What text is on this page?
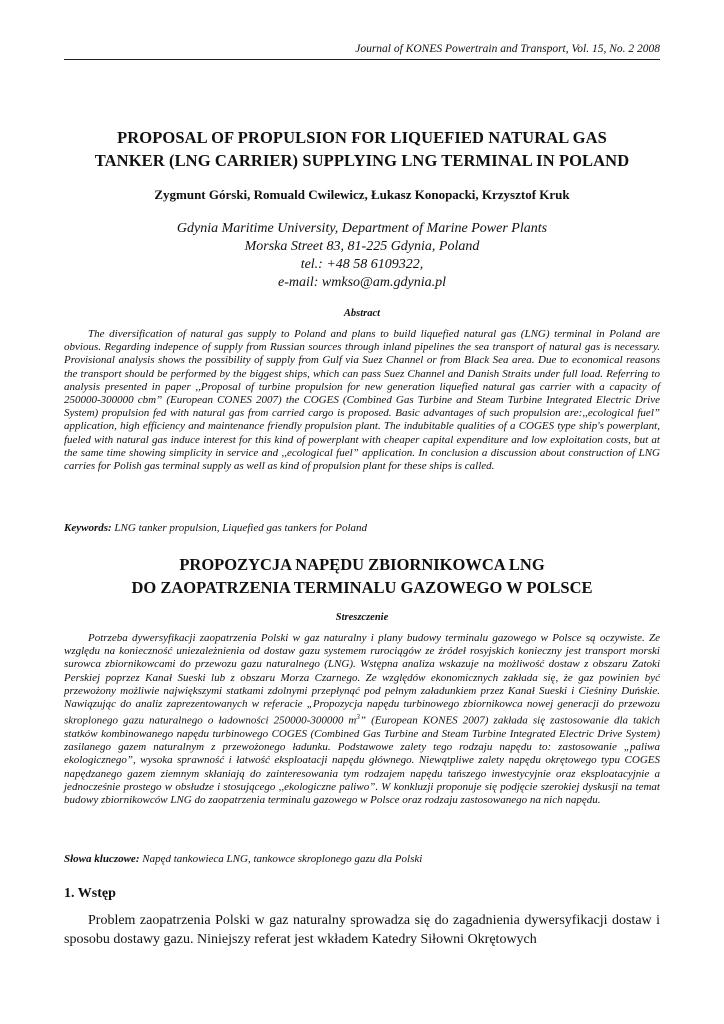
Journal of KONES Powertrain and Transport, Vol. 15, No. 2 2008
PROPOSAL OF PROPULSION FOR LIQUEFIED NATURAL GAS
TANKER (LNG CARRIER) SUPPLYING LNG TERMINAL IN POLAND
Zygmunt Górski, Romuald Cwilewicz, Łukasz Konopacki, Krzysztof Kruk
Gdynia Maritime University, Department of Marine Power Plants
Morska Street 83, 81-225 Gdynia, Poland
tel.: +48 58 6109322,
e-mail: wmkso@am.gdynia.pl
Abstract
The diversification of natural gas supply to Poland and plans to build liquefied natural gas (LNG) terminal in Poland are obvious. Regarding indepence of supply from Russian sources through inland pipelines the sea transport of natural gas is necessary. Provisional analysis shows the possibility of supply from Gulf via Suez Channel or from Black Sea area. Due to economical reasons the transport should be performed by the biggest ships, which can pass Suez Channel and Danish Straits under full load. Referring to analysis presented in paper ,,Proposal of turbine propulsion for new generation liquefied natural gas carrier with a capacity of 250000-300000 cbm” (European CONES 2007) the COGES (Combined Gas Turbine and Steam Turbine Integrated Electric Drive System) propulsion fed with natural gas from carried cargo is proposed. Basic advantages of such propulsion are:,,ecological fuel” application, high efficiency and maintenance friendly propulsion plant. The indubitable qualities of a COGES type ship's powerplant, fueled with natural gas induce interest for this kind of powerplant with cheaper capital expenditure and low exploitation costs, but at the same time showing simplicity in service and ,,ecological fuel” application. In conclusion a discussion about construction of LNG carries for Polish gas terminal supply as well as kind of propulsion plant for these ships is called.
Keywords: LNG tanker propulsion, Liquefied gas tankers for Poland
PROPOZYCJA NAPĘDU ZBIORNIKOWCA LNG
DO ZAOPATRZENIA TERMINALU GAZOWEGO W POLSCE
Streszczenie
Potrzeba dywersyfikacji zaopatrzenia Polski w gaz naturalny i plany budowy terminalu gazowego w Polsce są oczywiste. Ze względu na konieczność uniezależnienia od dostaw gazu systemem rurociągów ze źródeł rosyjskich konieczny jest transport morski surowca zbiornikowcami do przewozu gazu naturalnego (LNG). Wstępna analiza wskazuje na możliwość dostaw z obszaru Zatoki Perskiej poprzez Kanał Sueski lub z obszaru Morza Czarnego. Ze względów ekonomicznych zakłada się, że gaz powinien być przewożony możliwie największymi statkami zdolnymi przepłynąć pod pełnym załadunkiem przez Kanał Sueski i Cieśniny Duńskie. Nawiązując do analiz zaprezentowanych w referacie „Propozycja napędu turbinowego zbiornikowca nowej generacji do przewozu skroplonego gazu naturalnego o ładowności 250000-300000 $m^3$” (European KONES 2007) zakłada się zastosowanie dla takich statków kombinowanego napędu turbinowego COGES (Combined Gas Turbine and Steam Turbine Integrated Electric Drive System) zasilanego gazem naturalnym z przewożonego ładunku. Podstawowe zalety tego rodzaju napędu to: zastosowanie „paliwa ekologicznego”, wysoka sprawność i łatwość eksploatacji napędu głównego. Niewątpliwe zalety napędu okrętowego typu COGES napędzanego gazem ziemnym skłaniają do zainteresowania tym rodzajem napędu tańszego inwestycyjnie oraz eksploatacyjnie a jednocześnie prostego w obsłudze i stosującego ,,ekologiczne paliwo”. W konkluzji proponuje się podjęcie szerokiej dyskusji na temat budowy zbiornikowców LNG do zaopatrzenia terminalu gazowego w Polsce oraz rodzaju zastosowanego na nich napędu.
Słowa kluczowe: Napęd tankowieca LNG, tankowce skroplonego gazu dla Polski
1. Wstęp
Problem zaopatrzenia Polski w gaz naturalny sprowadza się do zagadnienia dywersyfikacji dostaw i sposobu dostawy gazu. Niniejszy referat jest wkładem Katedry Siłowni Okrętowych
